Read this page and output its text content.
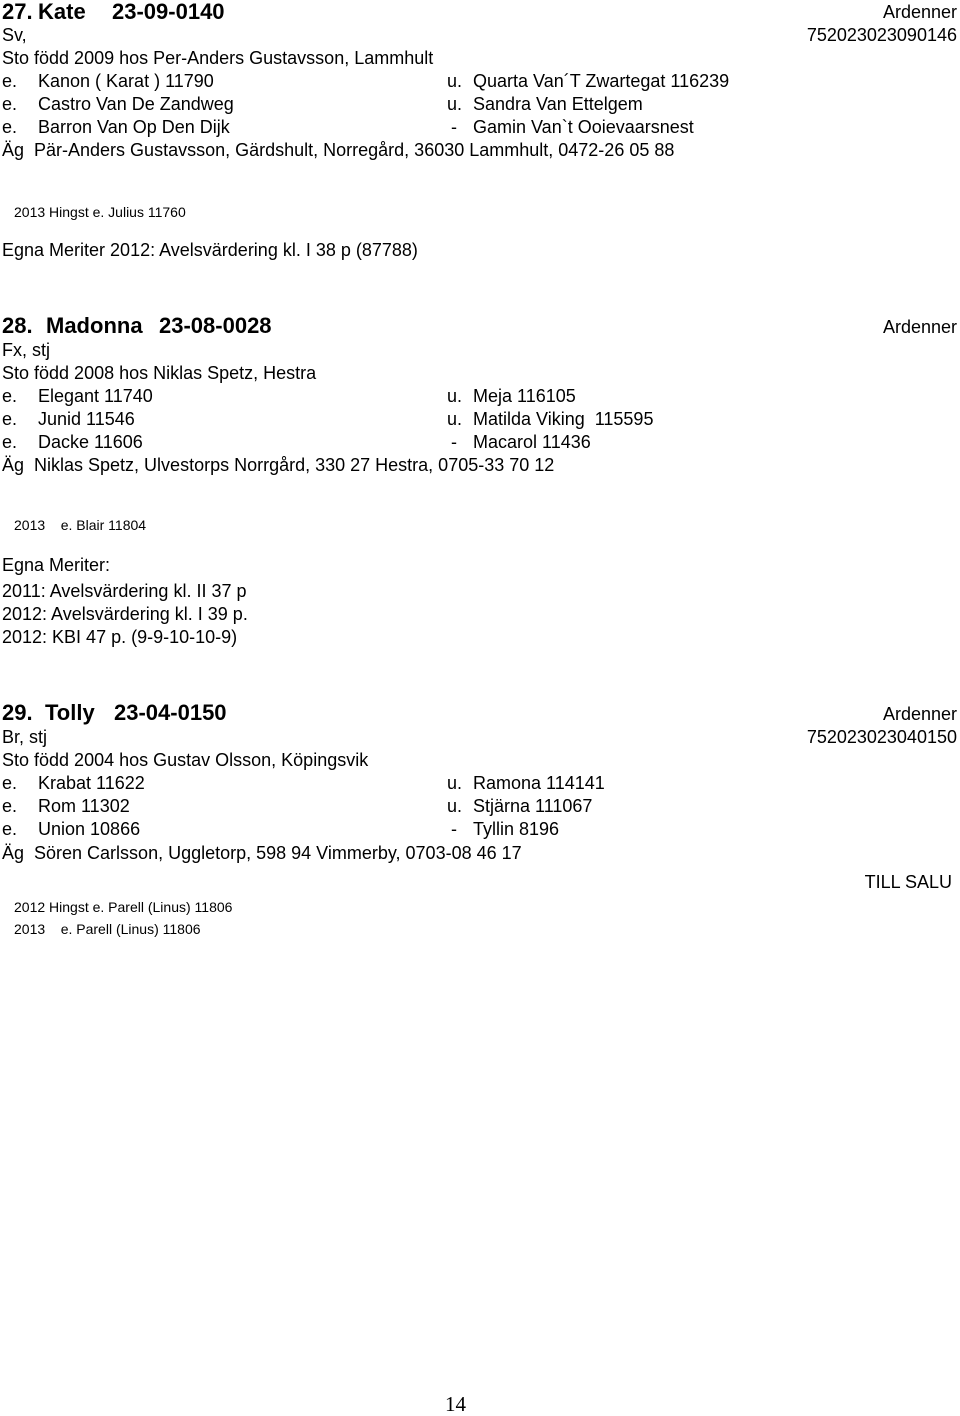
27. Kate 23-09-0140	Ardenner
Sv,	752023023090146
Sto född 2009 hos Per-Anders Gustavsson, Lammhult
e. Kanon ( Karat ) 11790	u. Quarta Van´T Zwartegat 116239
e. Castro Van De Zandweg	u. Sandra Van Ettelgem
e. Barron Van Op Den Dijk	- Gamin Van`t Ooievaarsnest
Äg  Pär-Anders Gustavsson, Gärdshult, Norregård, 36030 Lammhult, 0472-26 05 88
2013 Hingst e. Julius 11760
Egna Meriter 2012: Avelsvärdering kl. I 38 p (87788)
28. Madonna 23-08-0028	Ardenner
Fx, stj
Sto född 2008 hos Niklas Spetz, Hestra
e. Elegant 11740	u. Meja 116105
e. Junid 11546	u. Matilda Viking  115595
e. Dacke 11606	- Macarol 11436
Äg  Niklas Spetz, Ulvestorps Norrgård, 330 27 Hestra, 0705-33 70 12
2013    e. Blair 11804
Egna Meriter:
2011: Avelsvärdering kl. II 37 p
2012: Avelsvärdering kl. I 39 p.
2012: KBI 47 p. (9-9-10-10-9)
29. Tolly 23-04-0150	Ardenner
Br, stj	752023023040150
Sto född 2004 hos Gustav Olsson, Köpingsvik
e. Krabat 11622	u. Ramona 114141
e. Rom 11302	u. Stjärna 111067
e. Union 10866	- Tyllin 8196
Äg  Sören Carlsson, Uggletorp, 598 94 Vimmerby, 0703-08 46 17
TILL SALU
2012 Hingst e. Parell (Linus) 11806
2013    e. Parell (Linus) 11806
14
